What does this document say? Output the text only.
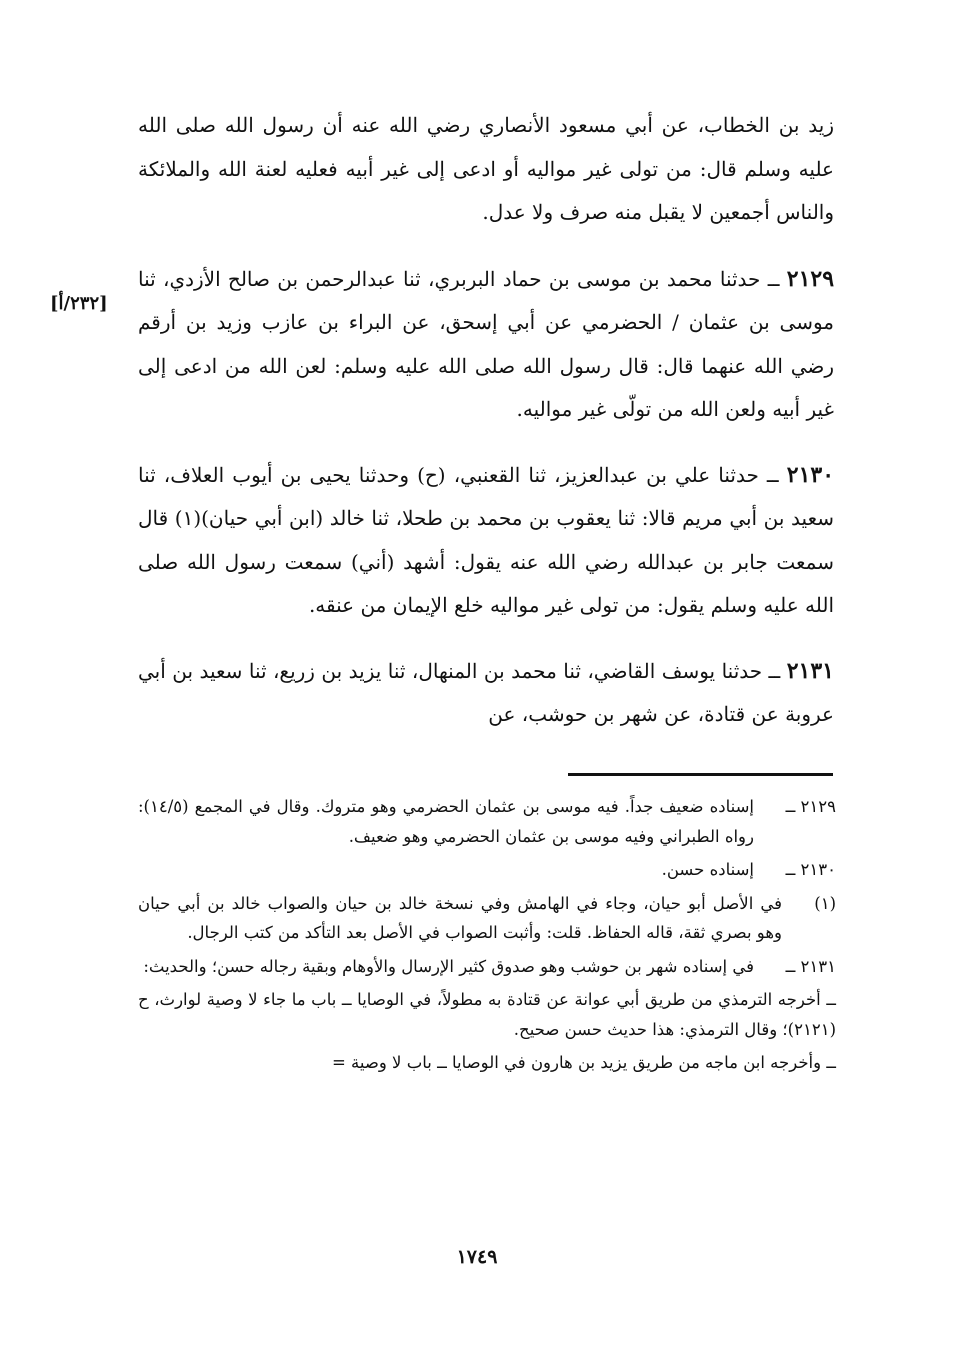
زيد بن الخطاب، عن أبي مسعود الأنصاري رضي الله عنه أن رسول الله صلى الله عليه وسلم قال: من تولى غير مواليه أو ادعى إلى غير أبيه فعليه لعنة الله والملائكة والناس أجمعين لا يقبل منه صرف ولا عدل.

٢١٢٩ ــ حدثنا محمد بن موسى بن حماد البربري، ثنا عبدالرحمن بن صالح الأزدي، ثنا موسى بن عثمان / الحضرمي عن أبي إسحق، عن البراء بن عازب وزيد بن أرقم رضي الله عنهما قال: قال رسول الله صلى الله عليه وسلم: لعن الله من ادعى إلى غير أبيه ولعن الله من تولّى غير مواليه.

٢١٣٠ ــ حدثنا علي بن عبدالعزيز، ثنا القعنبي، (ح) وحدثنا يحيى بن أيوب العلاف، ثنا سعيد بن أبي مريم قالا: ثنا يعقوب بن محمد بن طحلا، ثنا خالد (ابن أبي حيان)(١) قال سمعت جابر بن عبدالله رضي الله عنه يقول: أشهد (أني) سمعت رسول الله صلى الله عليه وسلم يقول: من تولى غير مواليه خلع الإيمان من عنقه.

٢١٣١ ــ حدثنا يوسف القاضي، ثنا محمد بن المنهال، ثنا يزيد بن زريع، ثنا سعيد بن أبي عروبة عن قتادة، عن شهر بن حوشب، عن

[٢٣٢/أ]
٢١٢٩ ــ
إسناده ضعيف جداً. فيه موسى بن عثمان الحضرمي وهو متروك. وقال في المجمع (١٤/٥): رواه الطبراني وفيه موسى بن عثمان الحضرمي وهو ضعيف.
٢١٣٠ ــ
إسناده حسن.
(١)
في الأصل أبو حيان، وجاء في الهامش وفي نسخة خالد بن حيان والصواب خالد بن أبي حيان وهو بصري ثقة، قاله الحفاظ. قلت: وأثبت الصواب في الأصل بعد التأكد من كتب الرجال.
٢١٣١ ــ
في إسناده شهر بن حوشب وهو صدوق كثير الإرسال والأوهام وبقية رجاله حسن؛ والحديث:
ــ أخرجه الترمذي من طريق أبي عوانة عن قتادة به مطولاً، في الوصايا ــ باب ما جاء لا وصية لوارث، ح (٢١٢١)؛ وقال الترمذي: هذا حديث حسن صحيح.
ــ وأخرجه ابن ماجه من طريق يزيد بن هارون في الوصايا ــ باب لا وصية =
١٧٤٩
